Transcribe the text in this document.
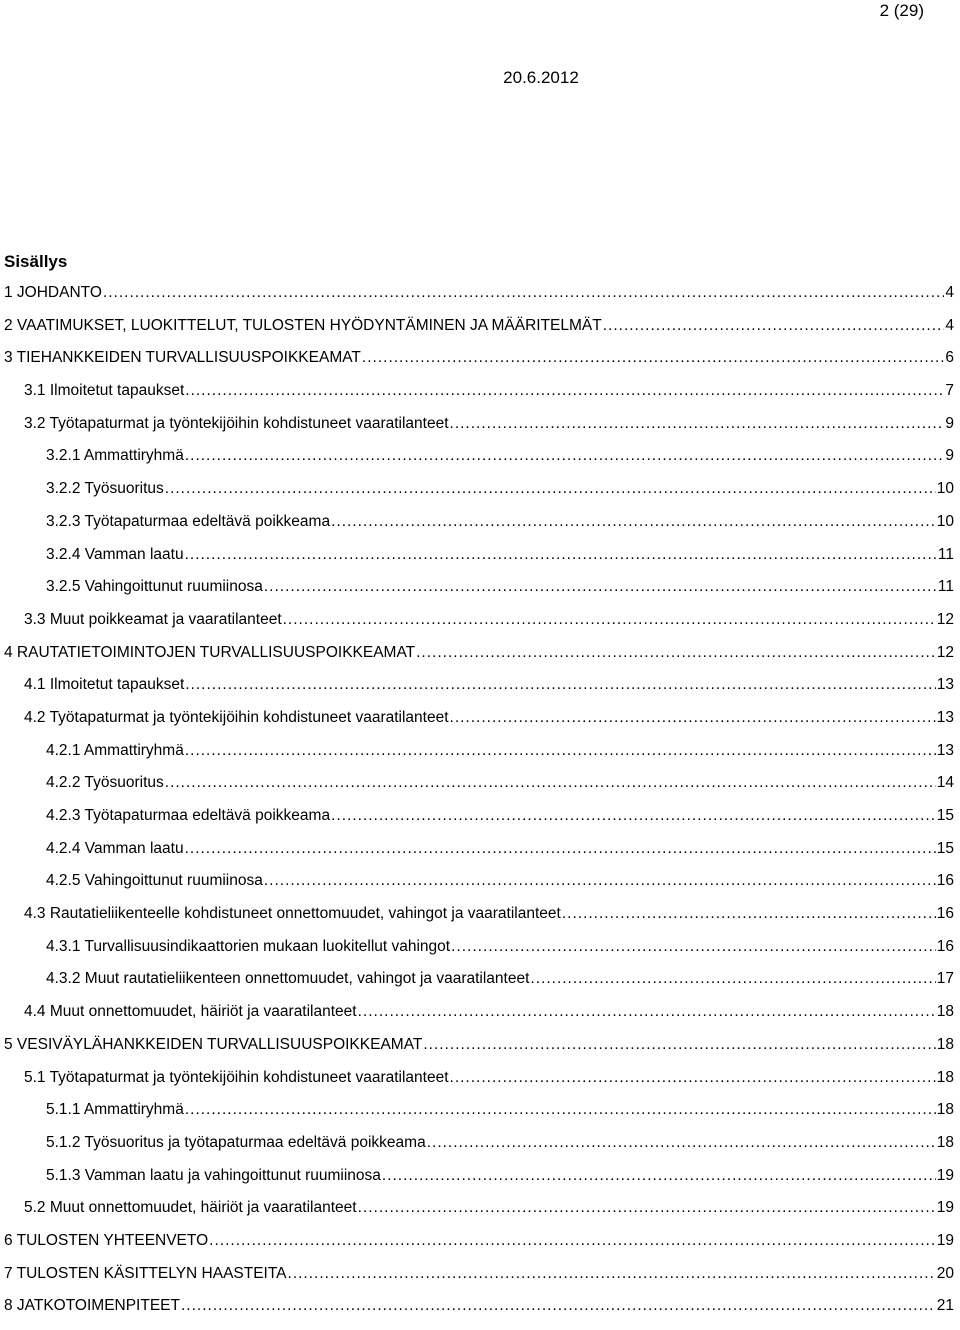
2 (29)
20.6.2012
Sisällys
1 JOHDANTO .....	4
2 VAATIMUKSET, LUOKITTELUT, TULOSTEN HYÖDYNTÄMINEN JA MÄÄRITELMÄT .....	4
3 TIEHANKKEIDEN TURVALLISUUSPOIKKEAMAT .....	6
3.1 Ilmoitetut tapaukset .....	7
3.2 Työtapaturmat ja työntekijöihin kohdistuneet vaaratilanteet .....	9
3.2.1 Ammattiryhmä .....	9
3.2.2 Työsuoritus .....	10
3.2.3 Työtapaturmaa edeltävä poikkeama .....	10
3.2.4 Vamman laatu .....	11
3.2.5 Vahingoittunut ruumiinosa .....	11
3.3 Muut poikkeamat ja vaaratilanteet .....	12
4 RAUTATIETOIMINTOJEN TURVALLISUUSPOIKKEAMAT .....	12
4.1 Ilmoitetut tapaukset .....	13
4.2 Työtapaturmat ja työntekijöihin kohdistuneet vaaratilanteet .....	13
4.2.1 Ammattiryhmä .....	13
4.2.2 Työsuoritus .....	14
4.2.3 Työtapaturmaa edeltävä poikkeama .....	15
4.2.4 Vamman laatu .....	15
4.2.5 Vahingoittunut ruumiinosa .....	16
4.3 Rautatieliikenteelle kohdistuneet onnettomuudet, vahingot ja vaaratilanteet .....	16
4.3.1 Turvallisuusindikaattorien mukaan luokitellut vahingot .....	16
4.3.2 Muut rautatieliikenteen onnettomuudet, vahingot ja vaaratilanteet .....	17
4.4 Muut onnettomuudet, häiriöt ja vaaratilanteet .....	18
5 VESIVÄYLÄHANKKEIDEN TURVALLISUUSPOIKKEAMAT .....	18
5.1 Työtapaturmat ja työntekijöihin kohdistuneet vaaratilanteet .....	18
5.1.1 Ammattiryhmä .....	18
5.1.2 Työsuoritus ja työtapaturmaa edeltävä poikkeama .....	18
5.1.3 Vamman laatu ja vahingoittunut ruumiinosa .....	19
5.2 Muut onnettomuudet, häiriöt ja vaaratilanteet .....	19
6 TULOSTEN YHTEENVETO .....	19
7 TULOSTEN KÄSITTELYN HAASTEITA .....	20
8 JATKOTOIMENPITEET .....	21
